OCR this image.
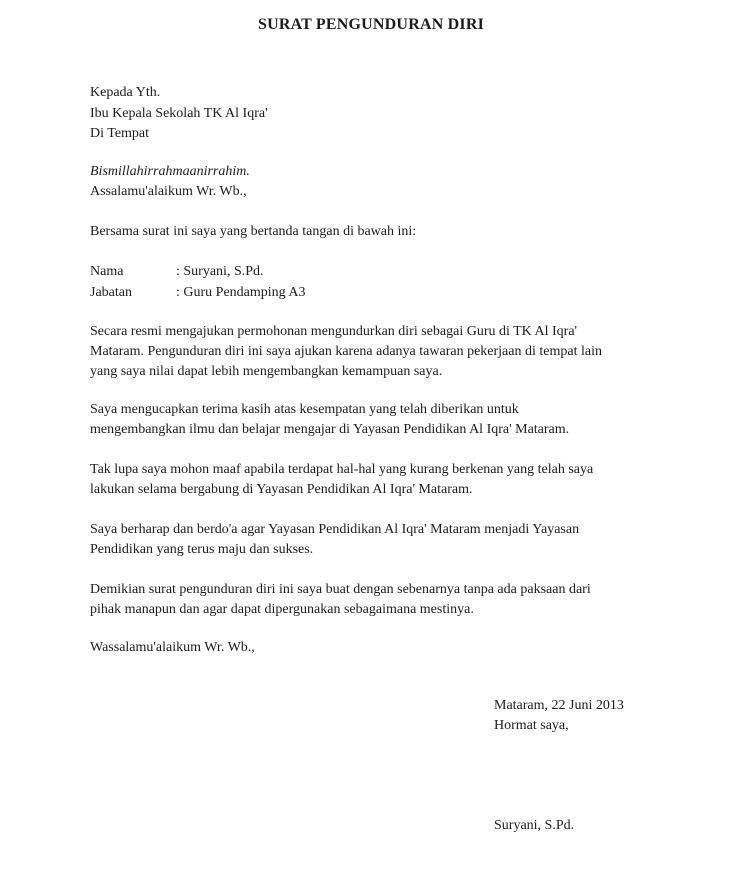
SURAT PENGUNDURAN DIRI
Kepada Yth.
Ibu Kepala Sekolah TK Al Iqra'
Di Tempat
Bismillahirrahmaanirrahim.
Assalamu'alaikum Wr. Wb.,
Bersama surat ini saya yang bertanda tangan di bawah ini:
Nama	: Suryani, S.Pd.
Jabatan	: Guru Pendamping A3
Secara resmi mengajukan permohonan mengundurkan diri sebagai Guru di TK Al Iqra'
Mataram. Pengunduran diri ini saya ajukan karena adanya tawaran pekerjaan di tempat lain
yang saya nilai dapat lebih mengembangkan kemampuan saya.
Saya mengucapkan terima kasih atas kesempatan yang telah diberikan untuk
mengembangkan ilmu dan belajar mengajar di Yayasan Pendidikan Al Iqra' Mataram.
Tak lupa saya mohon maaf apabila terdapat hal-hal yang kurang berkenan yang telah saya
lakukan selama bergabung di Yayasan Pendidikan Al Iqra' Mataram.
Saya berharap dan berdo'a agar Yayasan Pendidikan Al Iqra' Mataram menjadi Yayasan
Pendidikan yang terus maju dan sukses.
Demikian surat pengunduran diri ini saya buat dengan sebenarnya tanpa ada paksaan dari
pihak manapun dan agar dapat dipergunakan sebagaimana mestinya.
Wassalamu'alaikum Wr. Wb.,
Mataram, 22 Juni 2013
Hormat saya,
Suryani, S.Pd.
